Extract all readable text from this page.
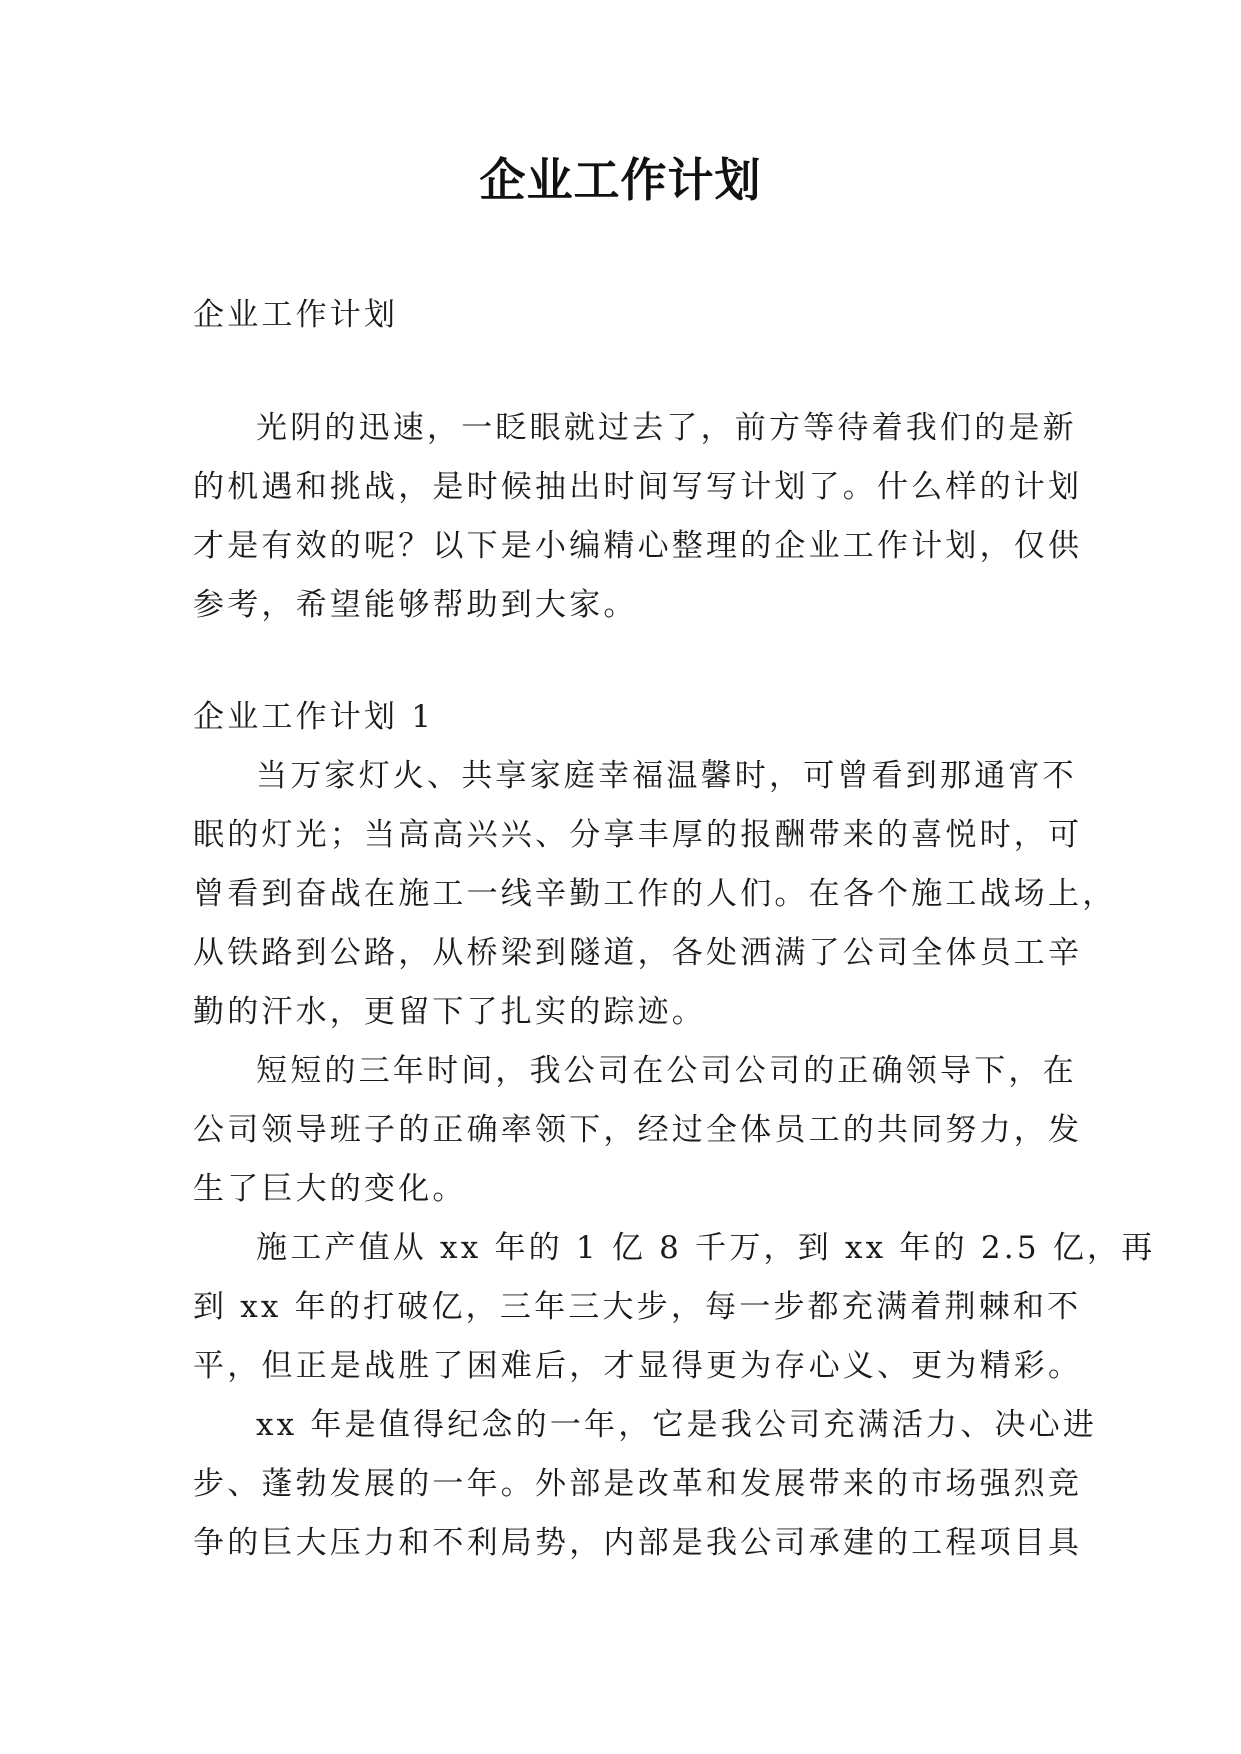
企业工作计划
企业工作计划
光阴的迅速，一眨眼就过去了，前方等待着我们的是新
的机遇和挑战，是时候抽出时间写写计划了。什么样的计划
才是有效的呢？以下是小编精心整理的企业工作计划，仅供
参考，希望能够帮助到大家。
企业工作计划 1
当万家灯火、共享家庭幸福温馨时，可曾看到那通宵不
眠的灯光；当高高兴兴、分享丰厚的报酬带来的喜悦时，可
曾看到奋战在施工一线辛勤工作的人们。在各个施工战场上，
从铁路到公路，从桥梁到隧道，各处洒满了公司全体员工辛
勤的汗水，更留下了扎实的踪迹。
短短的三年时间，我公司在公司公司的正确领导下，在
公司领导班子的正确率领下，经过全体员工的共同努力，发
生了巨大的变化。
施工产值从 xx 年的 1 亿 8 千万，到 xx 年的 2.5 亿，再
到 xx 年的打破亿，三年三大步，每一步都充满着荆棘和不
平，但正是战胜了困难后，才显得更为存心义、更为精彩。
xx 年是值得纪念的一年，它是我公司充满活力、决心进
步、蓬勃发展的一年。外部是改革和发展带来的市场强烈竞
争的巨大压力和不利局势，内部是我公司承建的工程项目具
